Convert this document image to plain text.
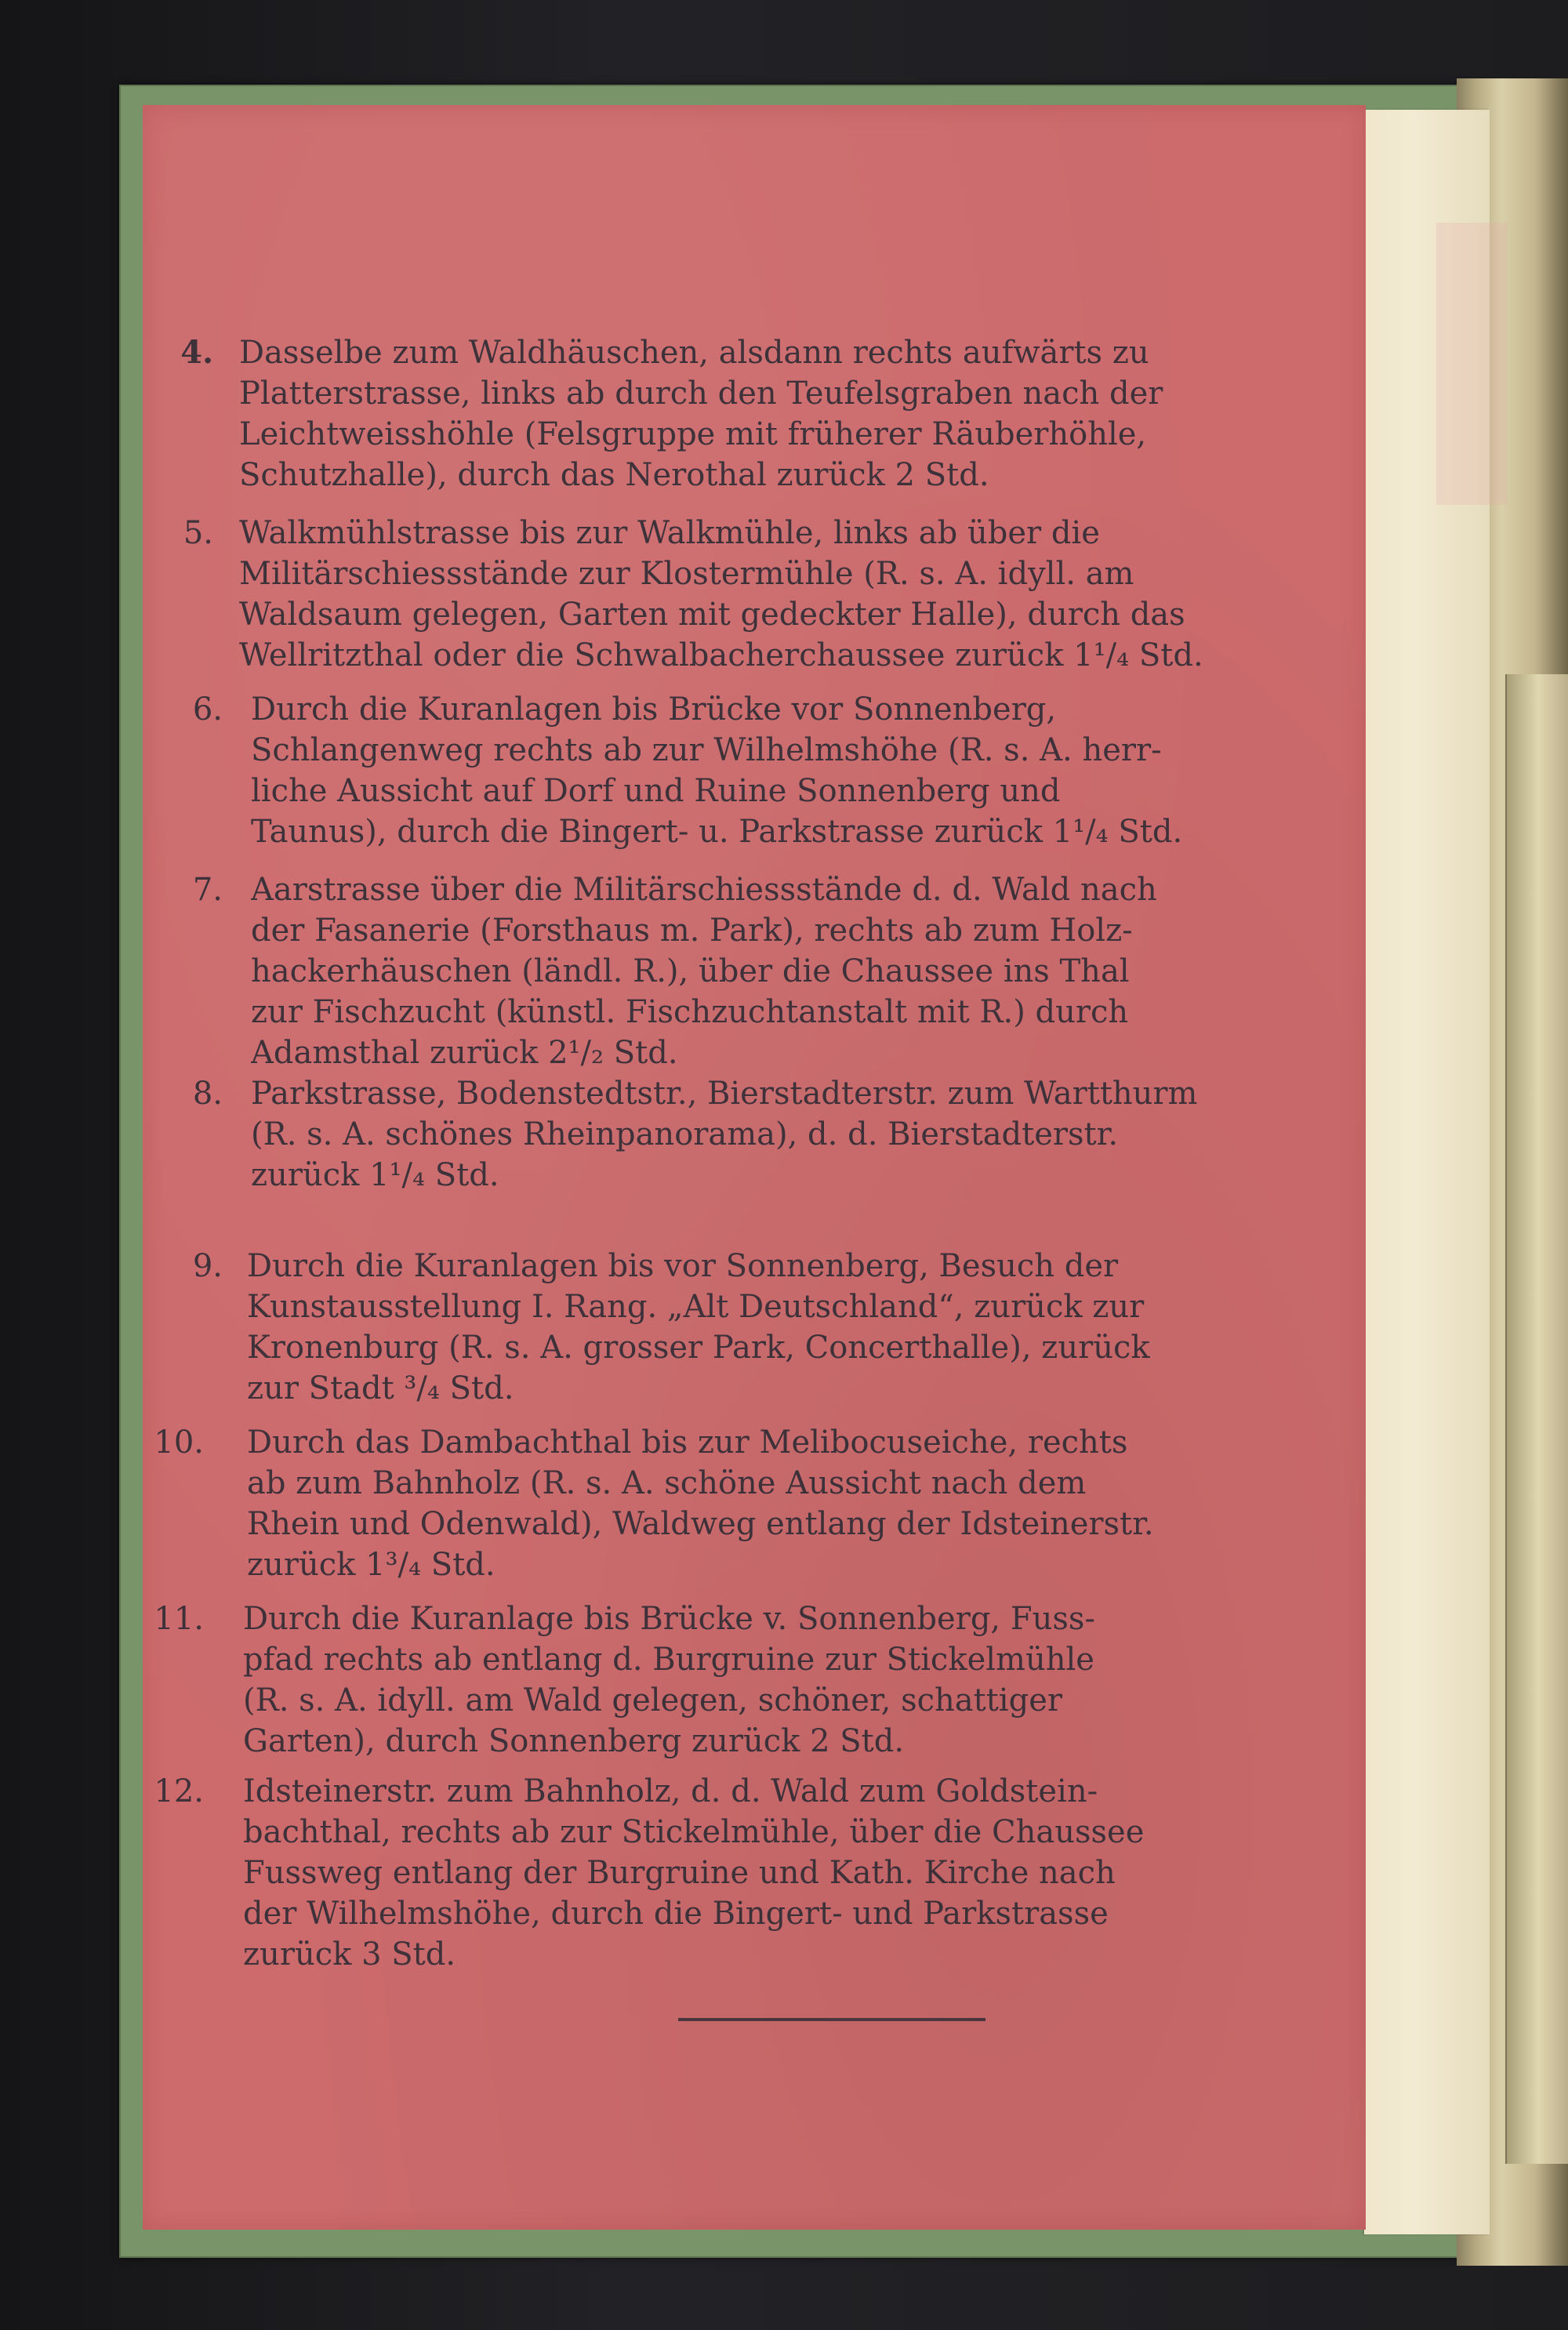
4. Dasselbe zum Waldhäuschen, alsdann rechts aufwärts zu
Platterstrasse, links ab durch den Teufelsgraben nach der
Leichtweisshöhle (Felsgruppe mit früherer Räuberhöhle,
Schutzhalle), durch das Nerothal zurück 2 Std.
5. Walkmühlstrasse bis zur Walkmühle, links ab über die
Militärschiessstände zur Klostermühle (R. s. A. idyll. am
Waldsaum gelegen, Garten mit gedeckter Halle), durch das
Wellritzthal oder die Schwalbacherchaussee zurück 1¹/₄ Std.
6. Durch die Kuranlagen bis Brücke vor Sonnenberg,
Schlangenweg rechts ab zur Wilhelmshöhe (R. s. A. herr-
liche Aussicht auf Dorf und Ruine Sonnenberg und
Taunus), durch die Bingert- u. Parkstrasse zurück 1¹/₄ Std.
7. Aarstrasse über die Militärschiessstände d. d. Wald nach
der Fasanerie (Forsthaus m. Park), rechts ab zum Holz-
hackerhäuschen (ländl. R.), über die Chaussee ins Thal
zur Fischzucht (künstl. Fischzuchtanstalt mit R.) durch
Adamsthal zurück 2¹/₂ Std.
8. Parkstrasse, Bodenstedtstr., Bierstadterstr. zum Wartthurm
(R. s. A. schönes Rheinpanorama), d. d. Bierstadterstr.
zurück 1¹/₄ Std.
9. Durch die Kuranlagen bis vor Sonnenberg, Besuch der
Kunstausstellung I. Rang. „Alt Deutschland“, zurück zur
Kronenburg (R. s. A. grosser Park, Concerthalle), zurück
zur Stadt ³/₄ Std.
10. Durch das Dambachthal bis zur Melibocuseiche, rechts
ab zum Bahnholz (R. s. A. schöne Aussicht nach dem
Rhein und Odenwald), Waldweg entlang der Idsteinerstr.
zurück 1³/₄ Std.
11. Durch die Kuranlage bis Brücke v. Sonnenberg, Fuss-
pfad rechts ab entlang d. Burgruine zur Stickelmühle
(R. s. A. idyll. am Wald gelegen, schöner, schattiger
Garten), durch Sonnenberg zurück 2 Std.
12. Idsteinerstr. zum Bahnholz, d. d. Wald zum Goldstein-
bachthal, rechts ab zur Stickelmühle, über die Chaussee
Fussweg entlang der Burgruine und Kath. Kirche nach
der Wilhelmshöhe, durch die Bingert- und Parkstrasse
zurück 3 Std.
